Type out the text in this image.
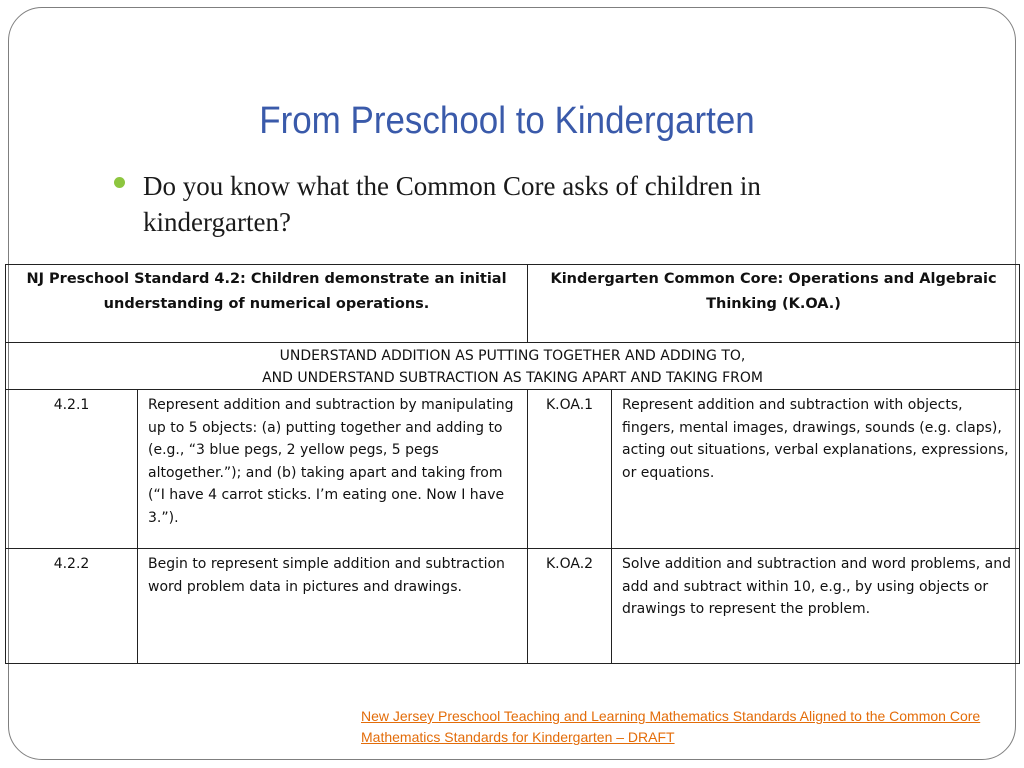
From Preschool to Kindergarten
Do you know what the Common Core asks of children in kindergarten?
NJ Preschool Standard 4.2: Children demonstrate an initial understanding of numerical operations.		Kindergarten Common Core: Operations and Algebraic Thinking (K.OA.)	

UNDERSTAND ADDITION AS PUTTING TOGETHER AND ADDING TO,
AND UNDERSTAND SUBTRACTION AS TAKING APART AND TAKING FROM			

4.2.1	Represent addition and subtraction by manipulating up to 5 objects: (a) putting together and adding to (e.g., “3 blue pegs, 2 yellow pegs, 5 pegs altogether.”); and (b) taking apart and taking from (“I have 4 carrot sticks. I’m eating one. Now I have 3.”).	K.OA.1	Represent addition and subtraction with objects, fingers, mental images, drawings, sounds (e.g. claps), acting out situations, verbal explanations, expressions, or equations.
4.2.2	Begin to represent simple addition and subtraction word problem data in pictures and drawings.	K.OA.2	Solve addition and subtraction and word problems, and add and subtract within 10, e.g., by using objects or drawings to represent the problem.
New Jersey Preschool Teaching and Learning Mathematics Standards Aligned to the Common Core Mathematics Standards for Kindergarten – DRAFT
